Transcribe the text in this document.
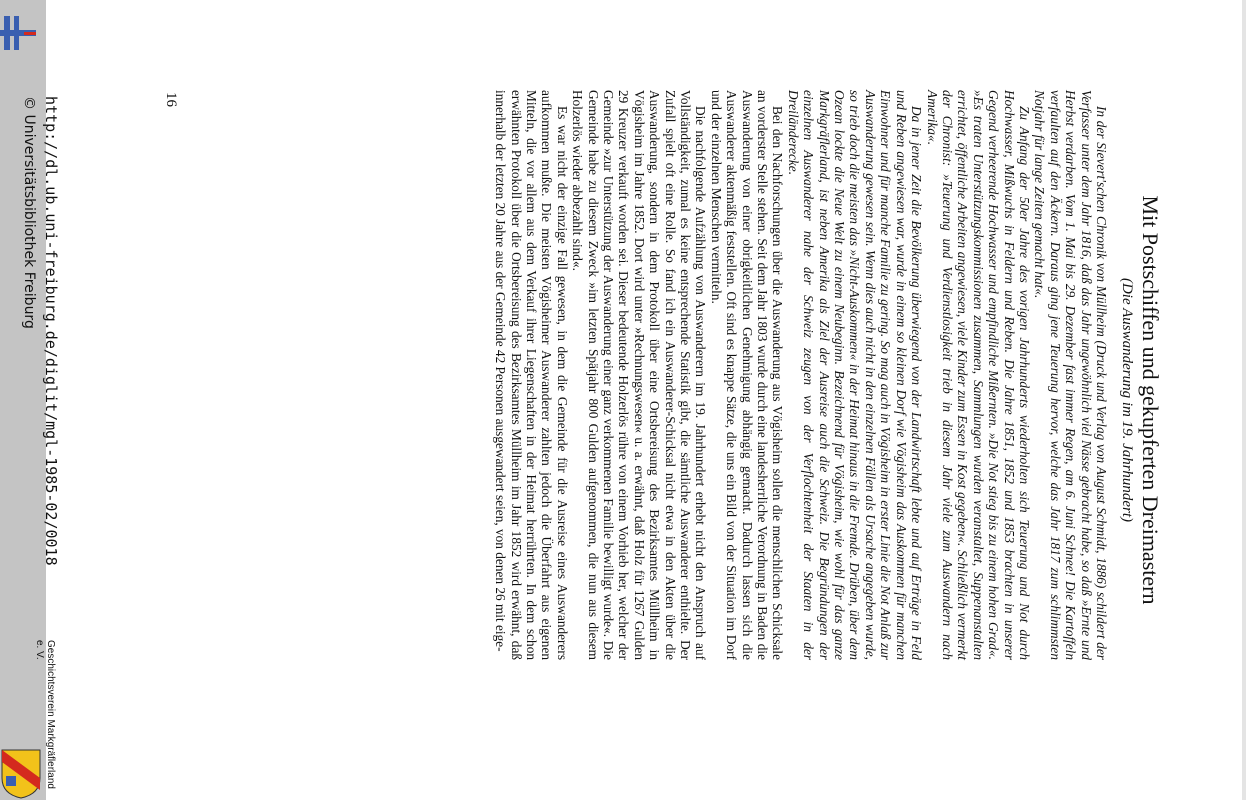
Mit Postschiffen und gekupferten Dreimastern
(Die Auswanderung im 19. Jahrhundert)

In der Sievert'schen Chronik von Müllheim (Druck und Verlag von August Schmidt, 1886) schildert der Verfasser unter dem Jahr 1816, daß das Jahr ungewöhnlich viel Nässe gebracht habe, so daß »Ernte und Herbst verdarben. Vom 1. Mai bis 29. Dezember fast immer Regen, am 6. Juni Schnee! Die Kartoffeln verfaulten auf den Äckern. Daraus ging jene Teuerung hervor, welche das Jahr 1817 zum schlimmsten Notjahr für lange Zeiten gemacht hat«.

Zu Anfang der 50er Jahre des vorigen Jahrhunderts wiederholten sich Teuerung und Not durch Hochwasser, Mißwuchs in Feldern und Reben. Die Jahre 1851, 1852 und 1853 brachten in unserer Gegend verheerende Hochwasser und empfindliche Mißernten. »Die Not stieg bis zu einem hohen Grad«. »Es traten Unterstützungskommissionen zusammen, Sammlungen wurden veranstaltet, Suppenanstalten errichtet, öffentliche Arbeiten angewiesen, viele Kinder zum Essen in Kost gegeben«. Schließlich vermerkt der Chronist: »Teuerung und Verdienstlosigkeit trieb in diesem Jahr viele zum Auswandern nach Amerika«.

Da in jener Zeit die Bevölkerung überwiegend von der Landwirtschaft lebte und auf Erträge in Feld und Reben angewiesen war, wurde in einem so kleinen Dorf wie Vögisheim das Auskommen für manchen Einwohner und für manche Familie zu gering. So mag auch in Vögisheim in erster Linie die Not Anlaß zur Auswanderung gewesen sein. Wenn dies auch nicht in den einzelnen Fällen als Ursache angegeben wurde, so trieb doch die meisten das »Nicht-Auskommen« in der Heimat hinaus in die Fremde. Drüben, über dem Ozean lockte die Neue Welt zu einem Neubeginn. Bezeichnend für Vögisheim, wie wohl für das ganze Markgräflerland, ist neben Amerika als Ziel der Ausreise auch die Schweiz. Die Begründungen der einzelnen Auswanderer nahe der Schweiz zeugen von der Verflochtenheit der Staaten in der Dreiländerecke.

Bei den Nachforschungen über die Auswanderung aus Vögisheim sollen die menschlichen Schicksale an vorderster Stelle stehen. Seit dem Jahr 1803 wurde durch eine landesherrliche Verordnung in Baden die Auswanderung von einer obrigkeitlichen Genehmigung abhängig gemacht. Dadurch lassen sich die Auswanderer aktenmäßig feststellen. Oft sind es knappe Sätze, die uns ein Bild von der Situation im Dorf und der einzelnen Menschen vermitteln.

Die nachfolgende Aufzählung von Auswanderern im 19. Jahrhundert erhebt nicht den Anspruch auf Vollständigkeit, zumal es keine entsprechende Statistik gibt, die sämtliche Auswanderer enthielte. Der Zufall spielt oft eine Rolle. So fand ich ein Auswanderer-Schicksal nicht etwa in den Akten über die Auswanderung, sondern in dem Protokoll über eine Ortsbereisung des Bezirksamtes Müllheim in Vögisheim im Jahre 1852. Dort wird unter »Rechnungswesen« u. a. erwähnt, daß Holz für 1267 Gulden 29 Kreuzer verkauft worden sei. Dieser bedeutende Holzerlös rühre von einem Vorhieb her, welcher der Gemeinde »zur Unterstützung der Auswanderung einer ganz verkommenen Familie bewilligt wurde«. Die Gemeinde habe zu diesem Zweck »im letzten Spätjahr 800 Gulden aufgenommen, die nun aus diesem Holzerlös wieder abbezahlt sind«.

Es war nicht der einzige Fall gewesen, in dem die Gemeinde für die Ausreise eines Auswanderers aufkommen mußte. Die meisten Vögisheimer Auswanderer zahlten jedoch die Überfahrt aus eigenen Mitteln, die vor allem aus dem Verkauf ihrer Liegenschaften in der Heimat herrührten. In dem schon erwähnten Protokoll über die Ortsbereisung des Bezirksamtes Müllheim im Jahr 1852 wird erwähnt, daß innerhalb der letzten 20 Jahre aus der Gemeinde 42 Personen ausgewandert seien, von denen 26 mit eige-

16
http://dl.ub.uni-freiburg.de/diglit/mgl-1985-02/0018
© Universitätsbibliothek Freiburg
Geschichtsverein Markgräflerland e. V.
